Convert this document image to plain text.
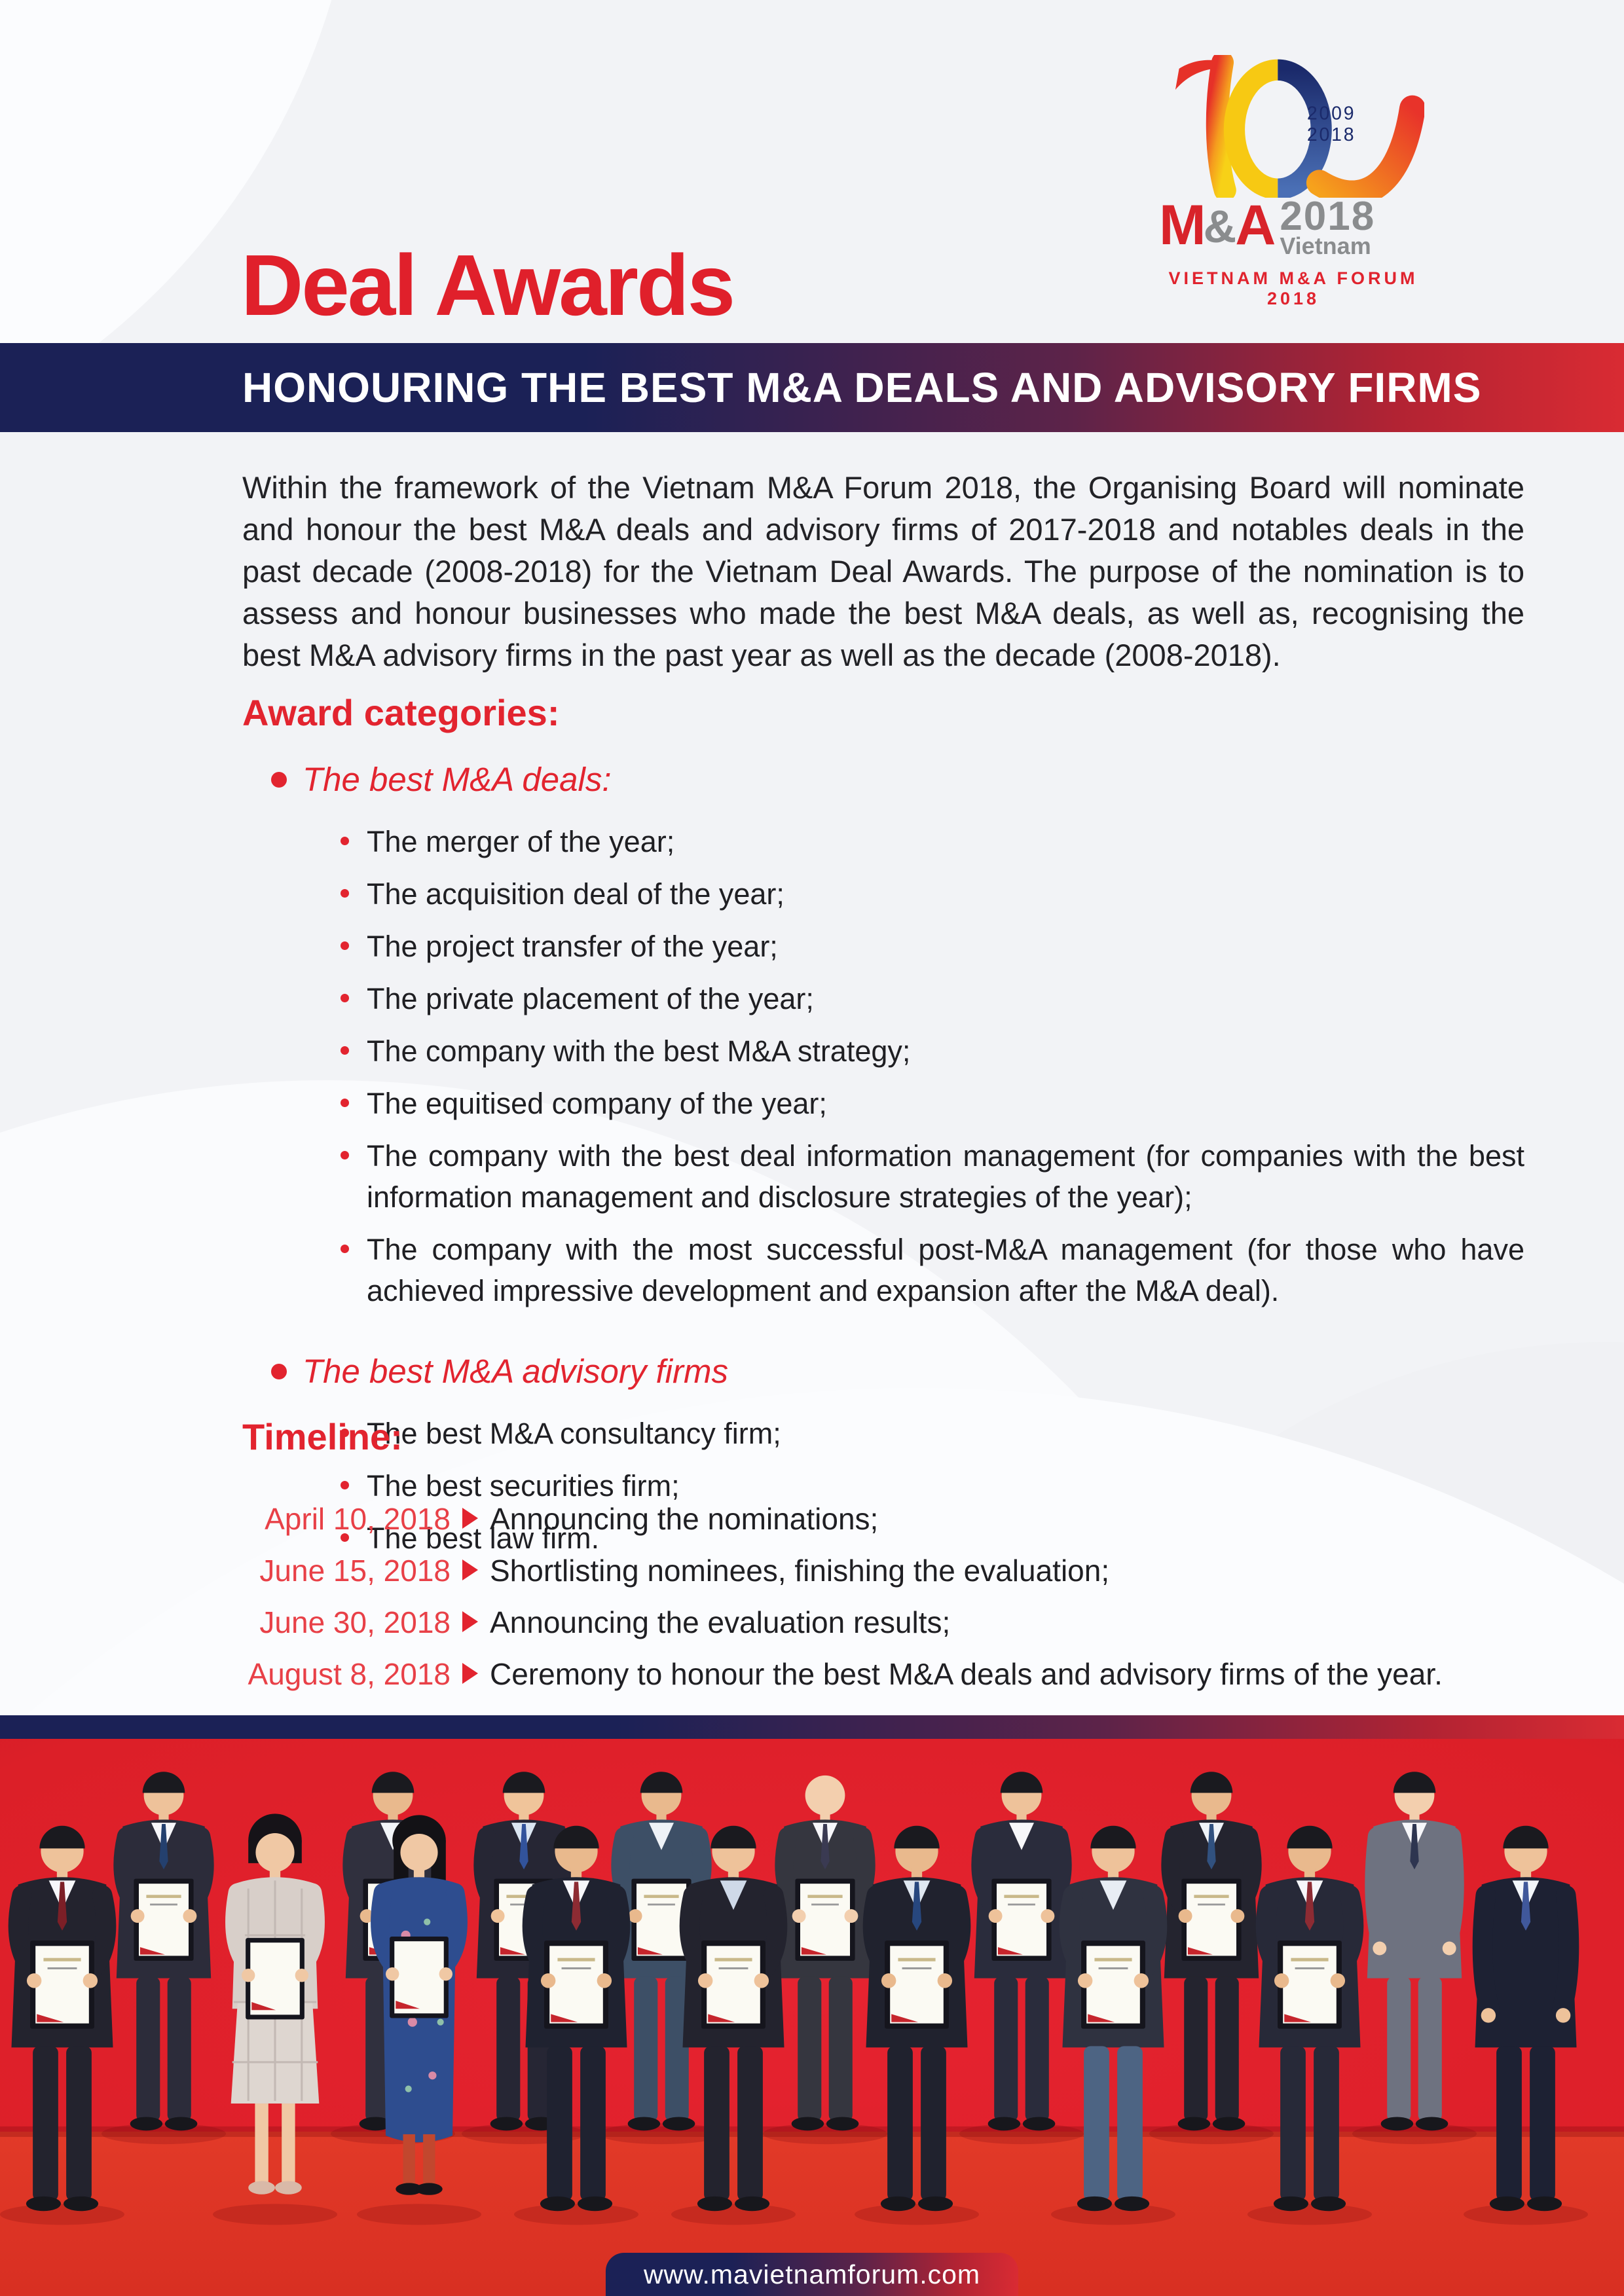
2009
2018
M & A 2018 Vietnam
VIETNAM M&A FORUM 2018
Deal Awards
HONOURING THE BEST M&A DEALS AND ADVISORY FIRMS

Within the framework of the Vietnam M&A Forum 2018, the Organising Board will nominate and honour the best M&A deals and advisory firms of 2017-2018 and notables deals in the past decade (2008-2018) for the Vietnam Deal Awards. The purpose of the nomination is to assess and honour businesses who made the best M&A deals, as well as, recognising the best M&A advisory firms in the past year as well as the decade (2008-2018).

Award categories:
The best M&A deals:
The merger of the year;
The acquisition deal of the year;
The project transfer of the year;
The private placement of the year;
The company with the best M&A strategy;
The equitised company of the year;
The company with the best deal information management (for companies with the best information management and disclosure strategies of the year);
The company with the most successful post-M&A management (for those who have achieved impressive development and expansion after the M&A deal).
The best M&A advisory firms
The best M&A consultancy firm;
The best securities firm;
The best law firm.
Timeline:
April 10, 2018 Announcing the nominations;
June 15, 2018 Shortlisting nominees, finishing the evaluation;
June 30, 2018 Announcing the evaluation results;
August 8, 2018 Ceremony to honour the best M&A deals and advisory firms of the year.
www.mavietnamforum.com
